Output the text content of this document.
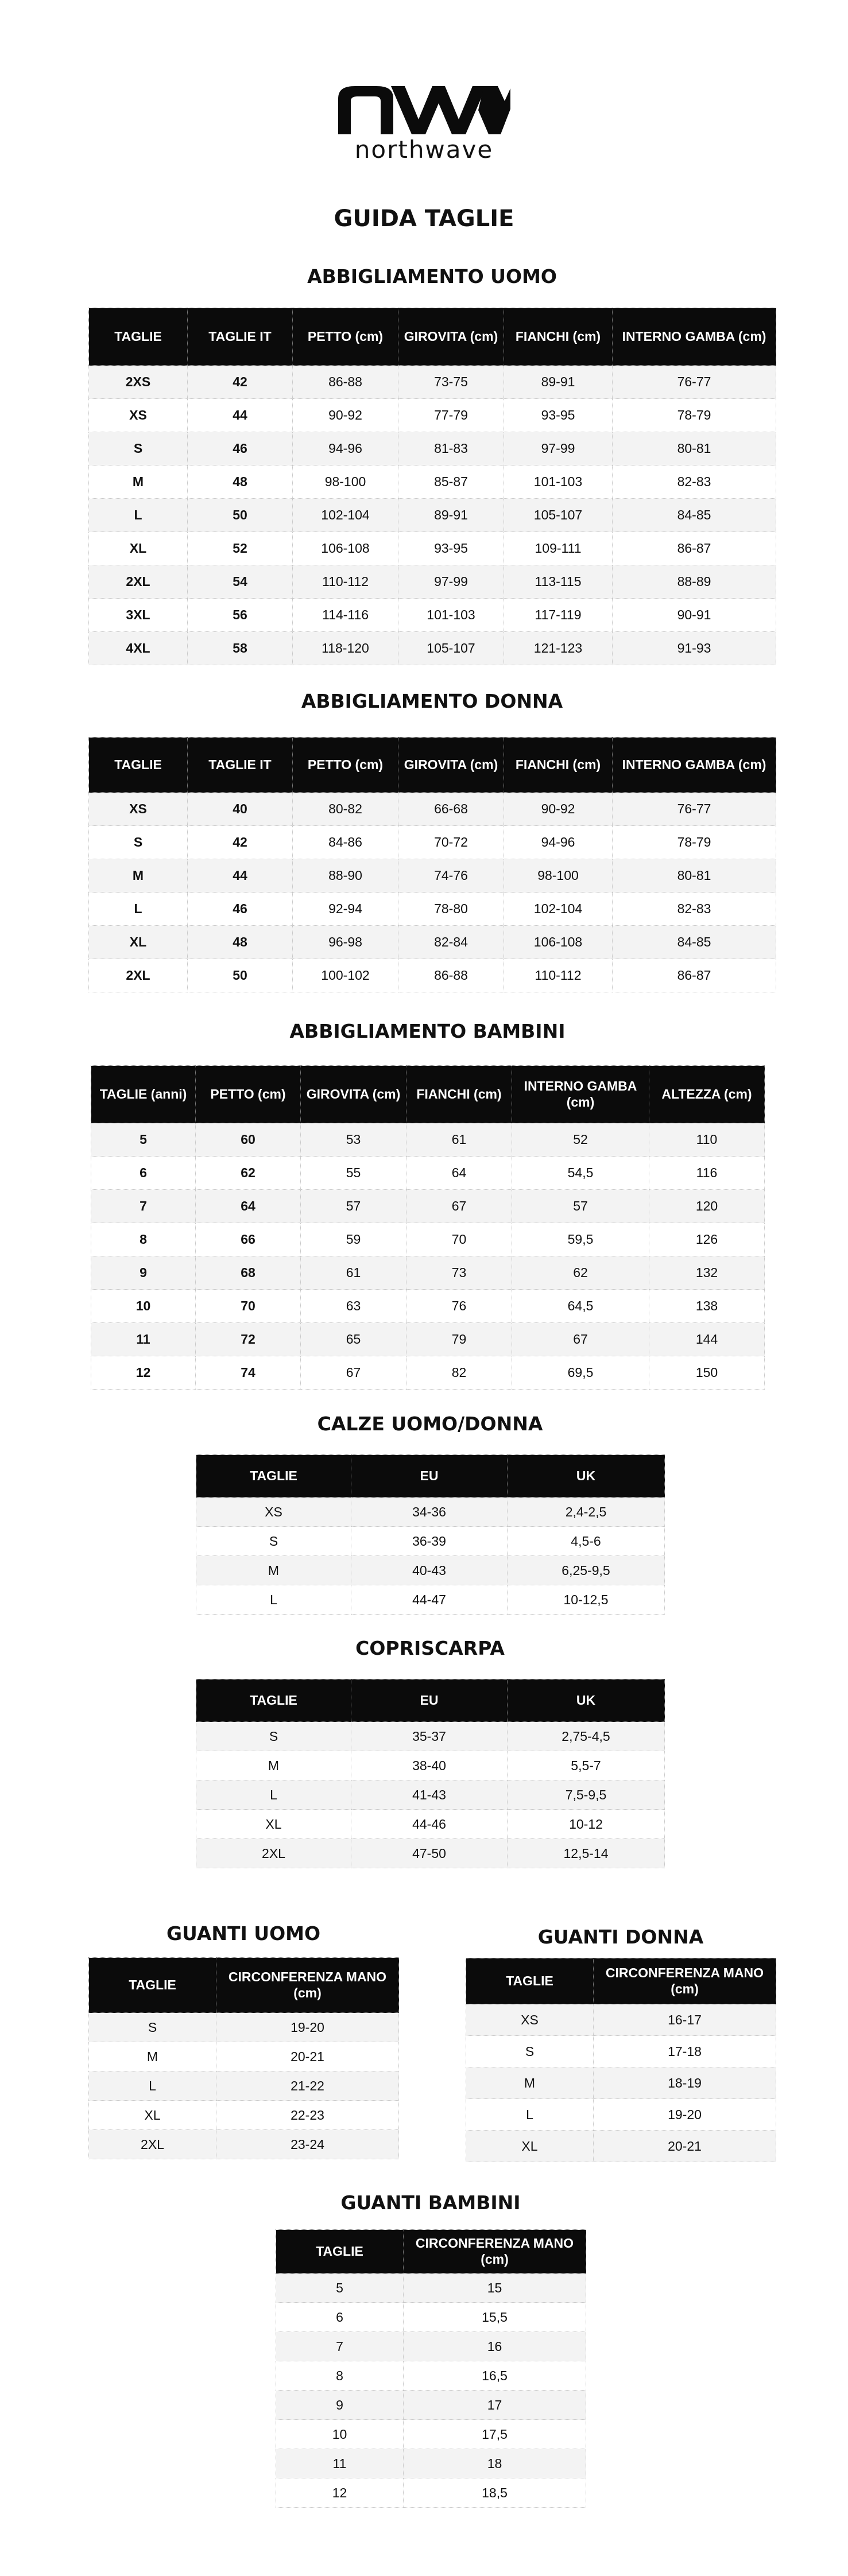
northwave
GUIDA TAGLIE
ABBIGLIAMENTO UOMO
TAGLIE	TAGLIE IT	PETTO (cm)	GIROVITA (cm)	FIANCHI (cm)	INTERNO GAMBA (cm)
2XS	42	86-88	73-75	89-91	76-77
XS	44	90-92	77-79	93-95	78-79
S	46	94-96	81-83	97-99	80-81
M	48	98-100	85-87	101-103	82-83
L	50	102-104	89-91	105-107	84-85
XL	52	106-108	93-95	109-111	86-87
2XL	54	110-112	97-99	113-115	88-89
3XL	56	114-116	101-103	117-119	90-91
4XL	58	118-120	105-107	121-123	91-93
ABBIGLIAMENTO DONNA
TAGLIE	TAGLIE IT	PETTO (cm)	GIROVITA (cm)	FIANCHI (cm)	INTERNO GAMBA (cm)
XS	40	80-82	66-68	90-92	76-77
S	42	84-86	70-72	94-96	78-79
M	44	88-90	74-76	98-100	80-81
L	46	92-94	78-80	102-104	82-83
XL	48	96-98	82-84	106-108	84-85
2XL	50	100-102	86-88	110-112	86-87
ABBIGLIAMENTO BAMBINI
TAGLIE (anni)	PETTO (cm)	GIROVITA (cm)	FIANCHI (cm)	INTERNO GAMBA (cm)	ALTEZZA (cm)
5	60	53	61	52	110
6	62	55	64	54,5	116
7	64	57	67	57	120
8	66	59	70	59,5	126
9	68	61	73	62	132
10	70	63	76	64,5	138
11	72	65	79	67	144
12	74	67	82	69,5	150
CALZE UOMO/DONNA
TAGLIE	EU	UK
XS	34-36	2,4-2,5
S	36-39	4,5-6
M	40-43	6,25-9,5
L	44-47	10-12,5
COPRISCARPA
TAGLIE	EU	UK
S	35-37	2,75-4,5
M	38-40	5,5-7
L	41-43	7,5-9,5
XL	44-46	10-12
2XL	47-50	12,5-14
GUANTI UOMO
TAGLIE	CIRCONFERENZA MANO (cm)
S	19-20
M	20-21
L	21-22
XL	22-23
2XL	23-24
GUANTI DONNA
TAGLIE	CIRCONFERENZA MANO (cm)
XS	16-17
S	17-18
M	18-19
L	19-20
XL	20-21
GUANTI BAMBINI
TAGLIE	CIRCONFERENZA MANO (cm)
5	15
6	15,5
7	16
8	16,5
9	17
10	17,5
11	18
12	18,5
